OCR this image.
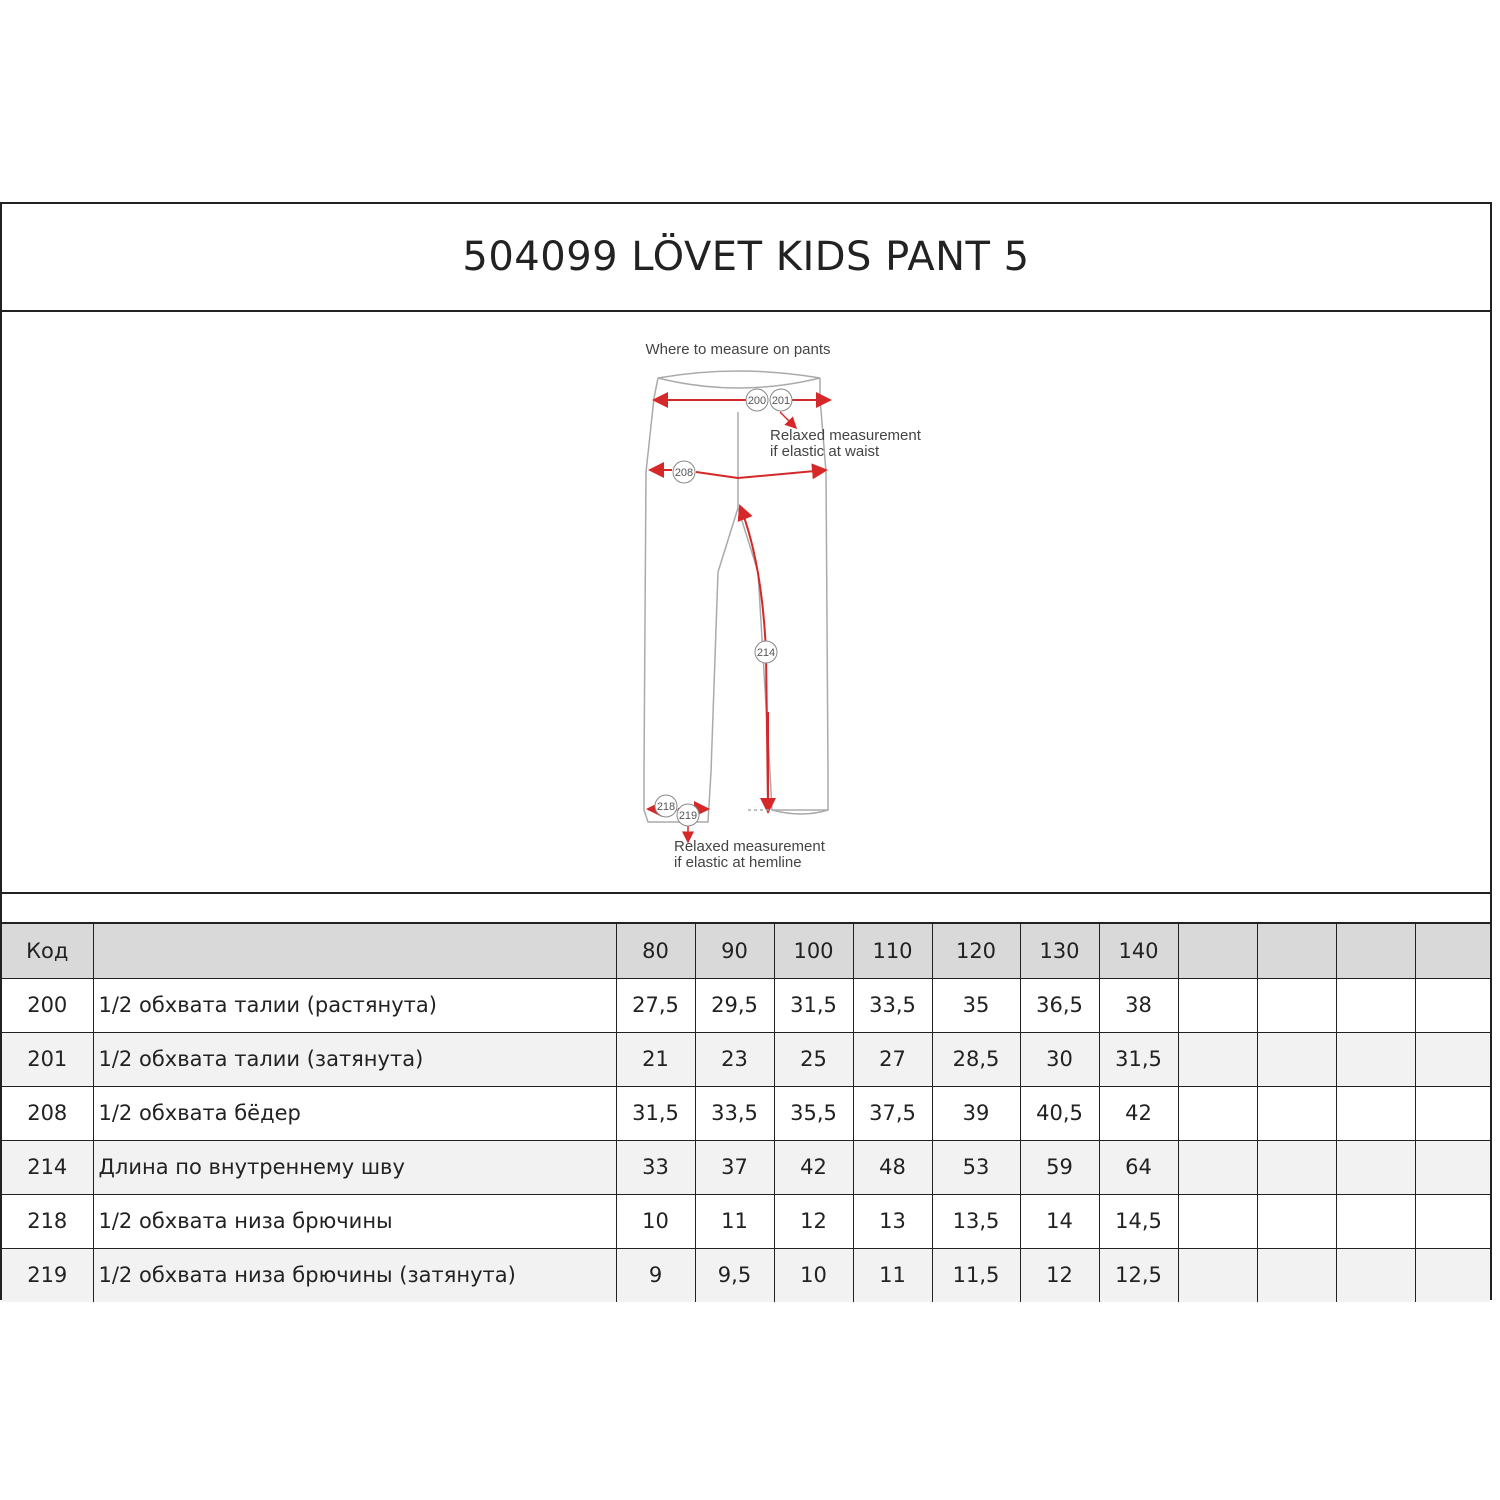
504099 LÖVET KIDS PANT 5
Where to measure on pants
200 201
Relaxed measurement
if elastic at waist
208
214
218
219
Relaxed measurement
if elastic at hemline
Код		80	90	100	110	120	130	140				
200	1/2 обхвата талии (растянута)	27,5	29,5	31,5	33,5	35	36,5	38				
201	1/2 обхвата талии (затянута)	21	23	25	27	28,5	30	31,5				
208	1/2 обхвата бёдер	31,5	33,5	35,5	37,5	39	40,5	42				
214	Длина по внутреннему шву	33	37	42	48	53	59	64				
218	1/2 обхвата низа брючины	10	11	12	13	13,5	14	14,5				
219	1/2 обхвата низа брючины (затянута)	9	9,5	10	11	11,5	12	12,5				
